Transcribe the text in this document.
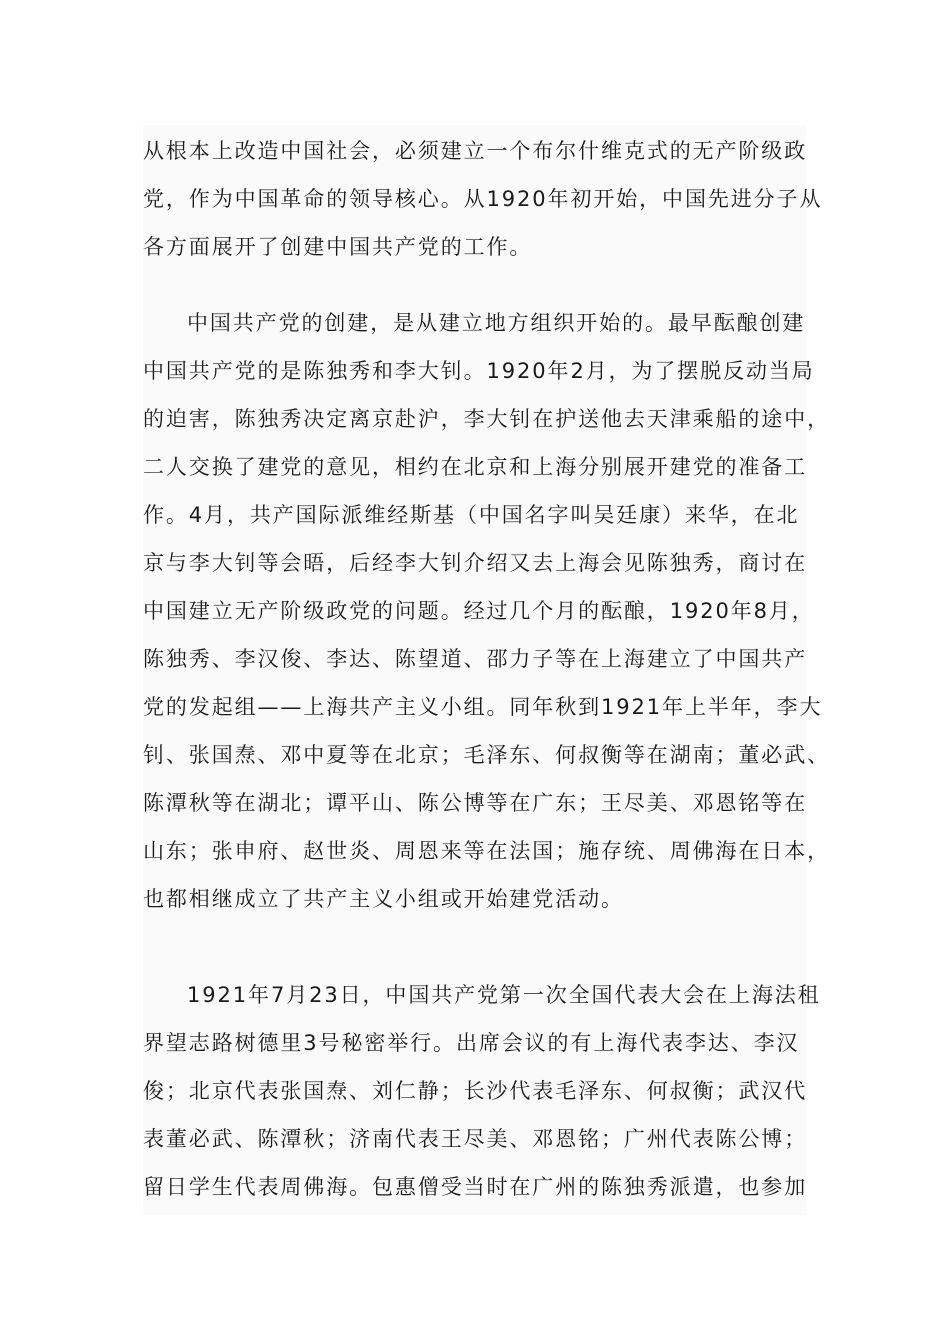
从根本上改造中国社会，必须建立一个布尔什维克式的无产阶级政
党，作为中国革命的领导核心。从1920年初开始，中国先进分子从
各方面展开了创建中国共产党的工作。
中国共产党的创建，是从建立地方组织开始的。最早酝酿创建
中国共产党的是陈独秀和李大钊。1920年2月，为了摆脱反动当局
的迫害，陈独秀决定离京赴沪，李大钊在护送他去天津乘船的途中，
二人交换了建党的意见，相约在北京和上海分别展开建党的准备工
作。4月，共产国际派维经斯基（中国名字叫吴廷康）来华，在北
京与李大钊等会晤，后经李大钊介绍又去上海会见陈独秀，商讨在
中国建立无产阶级政党的问题。经过几个月的酝酿，1920年8月，
陈独秀、李汉俊、李达、陈望道、邵力子等在上海建立了中国共产
党的发起组——上海共产主义小组。同年秋到1921年上半年，李大
钊、张国焘、邓中夏等在北京；毛泽东、何叔衡等在湖南；董必武、
陈潭秋等在湖北；谭平山、陈公博等在广东；王尽美、邓恩铭等在
山东；张申府、赵世炎、周恩来等在法国；施存统、周佛海在日本，
也都相继成立了共产主义小组或开始建党活动。
1921年7月23日，中国共产党第一次全国代表大会在上海法租
界望志路树德里3号秘密举行。出席会议的有上海代表李达、李汉
俊；北京代表张国焘、刘仁静；长沙代表毛泽东、何叔衡；武汉代
表董必武、陈潭秋；济南代表王尽美、邓恩铭；广州代表陈公博；
留日学生代表周佛海。包惠僧受当时在广州的陈独秀派遣，也参加
